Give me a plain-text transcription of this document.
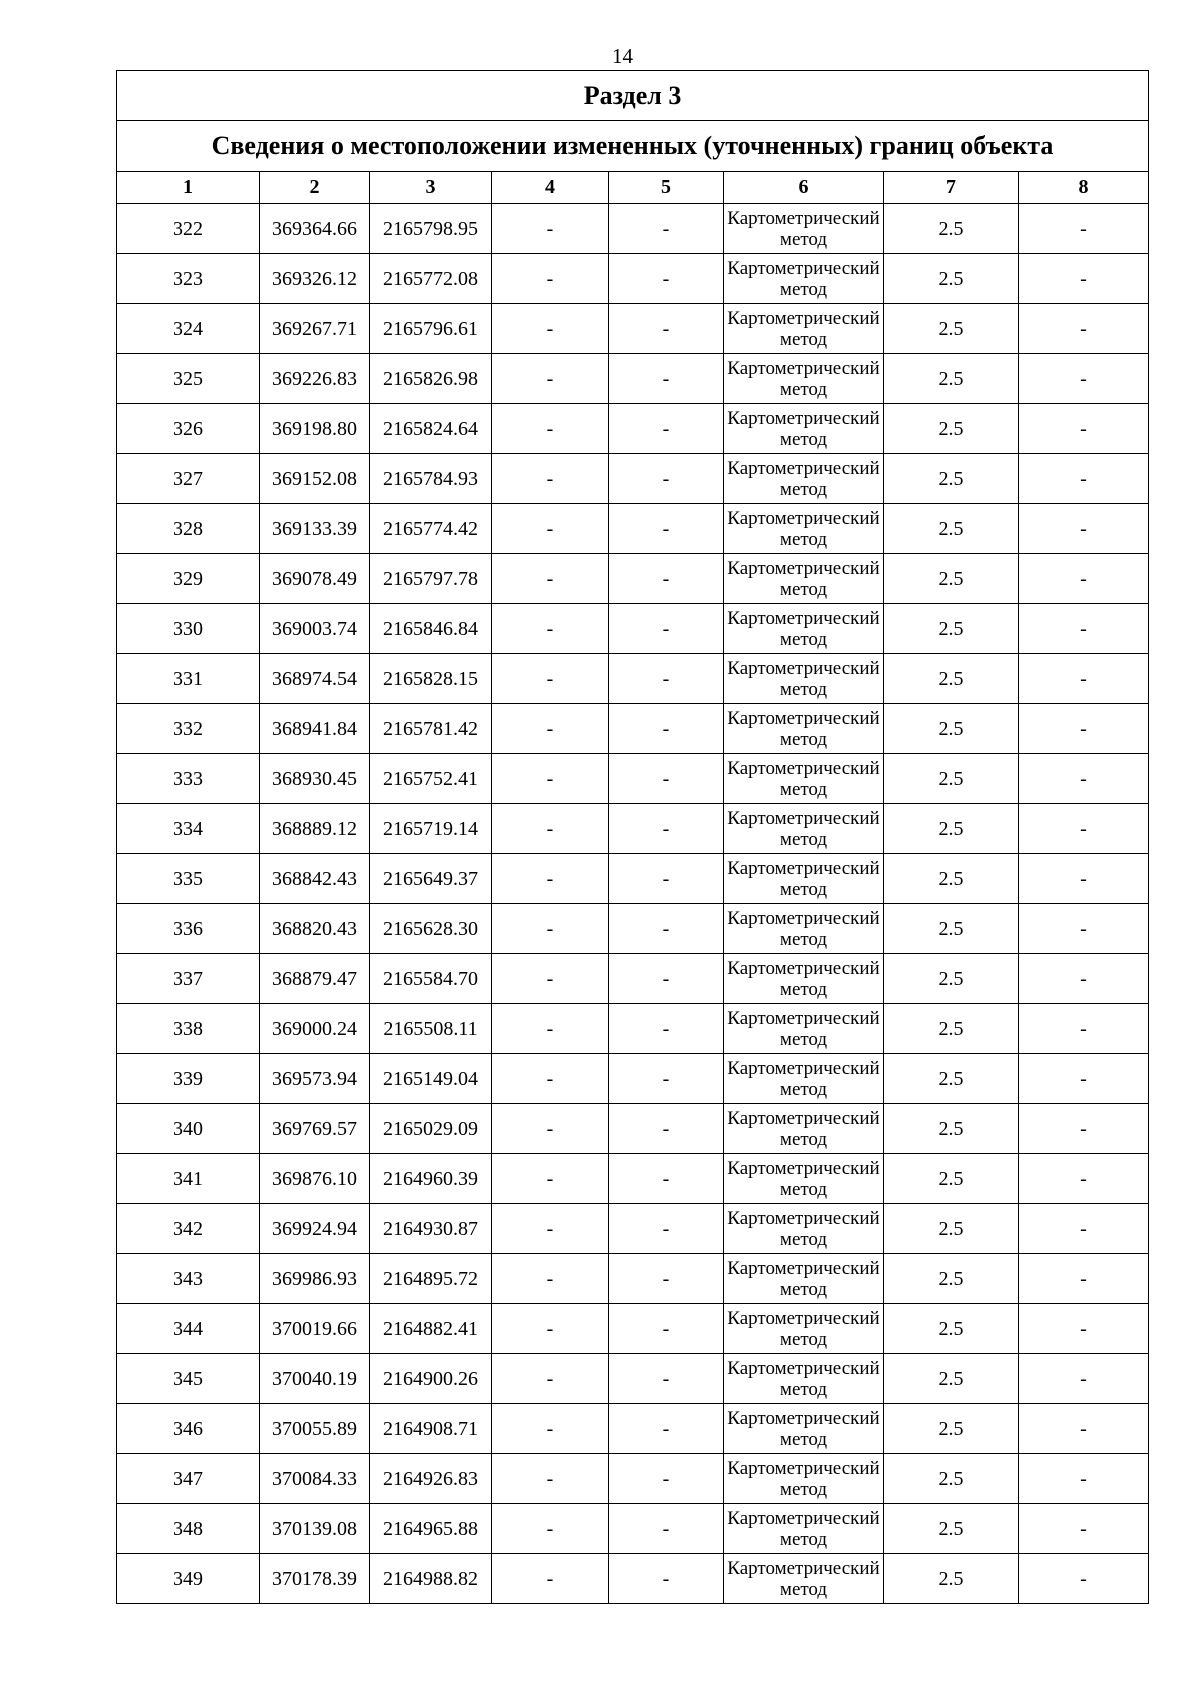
14
Раздел 3							
Сведения о местоположении измененных (уточненных) границ объекта							
1	2	3	4	5	6	7	8
322	369364.66	2165798.95	-	-	Картометрический метод	2.5	-
323	369326.12	2165772.08	-	-	Картометрический метод	2.5	-
324	369267.71	2165796.61	-	-	Картометрический метод	2.5	-
325	369226.83	2165826.98	-	-	Картометрический метод	2.5	-
326	369198.80	2165824.64	-	-	Картометрический метод	2.5	-
327	369152.08	2165784.93	-	-	Картометрический метод	2.5	-
328	369133.39	2165774.42	-	-	Картометрический метод	2.5	-
329	369078.49	2165797.78	-	-	Картометрический метод	2.5	-
330	369003.74	2165846.84	-	-	Картометрический метод	2.5	-
331	368974.54	2165828.15	-	-	Картометрический метод	2.5	-
332	368941.84	2165781.42	-	-	Картометрический метод	2.5	-
333	368930.45	2165752.41	-	-	Картометрический метод	2.5	-
334	368889.12	2165719.14	-	-	Картометрический метод	2.5	-
335	368842.43	2165649.37	-	-	Картометрический метод	2.5	-
336	368820.43	2165628.30	-	-	Картометрический метод	2.5	-
337	368879.47	2165584.70	-	-	Картометрический метод	2.5	-
338	369000.24	2165508.11	-	-	Картометрический метод	2.5	-
339	369573.94	2165149.04	-	-	Картометрический метод	2.5	-
340	369769.57	2165029.09	-	-	Картометрический метод	2.5	-
341	369876.10	2164960.39	-	-	Картометрический метод	2.5	-
342	369924.94	2164930.87	-	-	Картометрический метод	2.5	-
343	369986.93	2164895.72	-	-	Картометрический метод	2.5	-
344	370019.66	2164882.41	-	-	Картометрический метод	2.5	-
345	370040.19	2164900.26	-	-	Картометрический метод	2.5	-
346	370055.89	2164908.71	-	-	Картометрический метод	2.5	-
347	370084.33	2164926.83	-	-	Картометрический метод	2.5	-
348	370139.08	2164965.88	-	-	Картометрический метод	2.5	-
349	370178.39	2164988.82	-	-	Картометрический метод	2.5	-
